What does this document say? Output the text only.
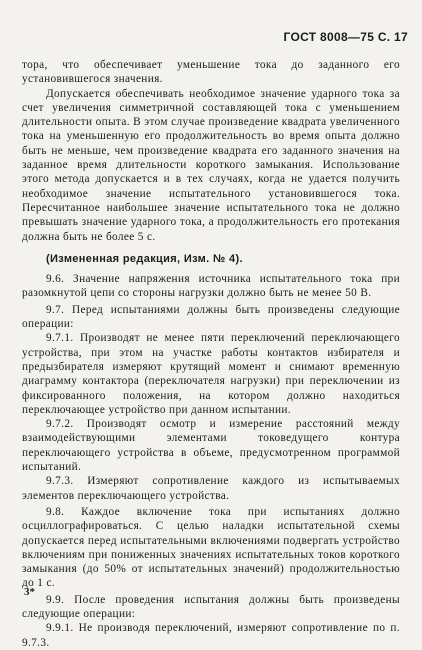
ГОСТ 8008—75 С. 17

тора, что обеспечивает уменьшение тока до заданного его установившегося значения.

Допускается обеспечивать необходимое значение ударного тока за счет увеличения симметричной составляющей тока с уменьшением длительности опыта. В этом случае произведение квадрата увеличенного тока на уменьшенную его продолжительность во время опыта должно быть не меньше, чем произведение квадрата его заданного значения на заданное время длительности короткого замыкания. Использование этого метода допускается и в тех случаях, когда не удается получить необходимое значение испытательного установившегося тока. Пересчитанное наибольшее значение испытательного тока не должно превышать значение ударного тока, а продолжительность его протекания должна быть не более 5 с.

(Измененная редакция, Изм. № 4).

9.6. Значение напряжения источника испытательного тока при разомкнутой цепи со стороны нагрузки должно быть не менее 50 В.

9.7. Перед испытаниями должны быть произведены следующие операции:

9.7.1. Производят не менее пяти переключений переключающего устройства, при этом на участке работы контактов избирателя и предызбирателя измеряют крутящий момент и снимают временную диаграмму контактора (переключателя нагрузки) при переключении из фиксированного положения, на котором должно находиться переключающее устройство при данном испытании.

9.7.2. Производят осмотр и измерение расстояний между взаимодействующими элементами токоведущего контура переключающего устройства в объеме, предусмотренном программой испытаний.

9.7.3. Измеряют сопротивление каждого из испытываемых элементов переключающего устройства.

9.8. Каждое включение тока при испытаниях должно осциллографироваться. С целью наладки испытательной схемы допускается перед испытательными включениями подвергать устройство включениям при пониженных значениях испытательных токов короткого замыкания (до 50% от испытательных значений) продолжительностью до 1 с.

9.9. После проведения испытания должны быть произведены следующие операции:

9.9.1. Не производя переключений, измеряют сопротивление по п. 9.7.3.

3*
